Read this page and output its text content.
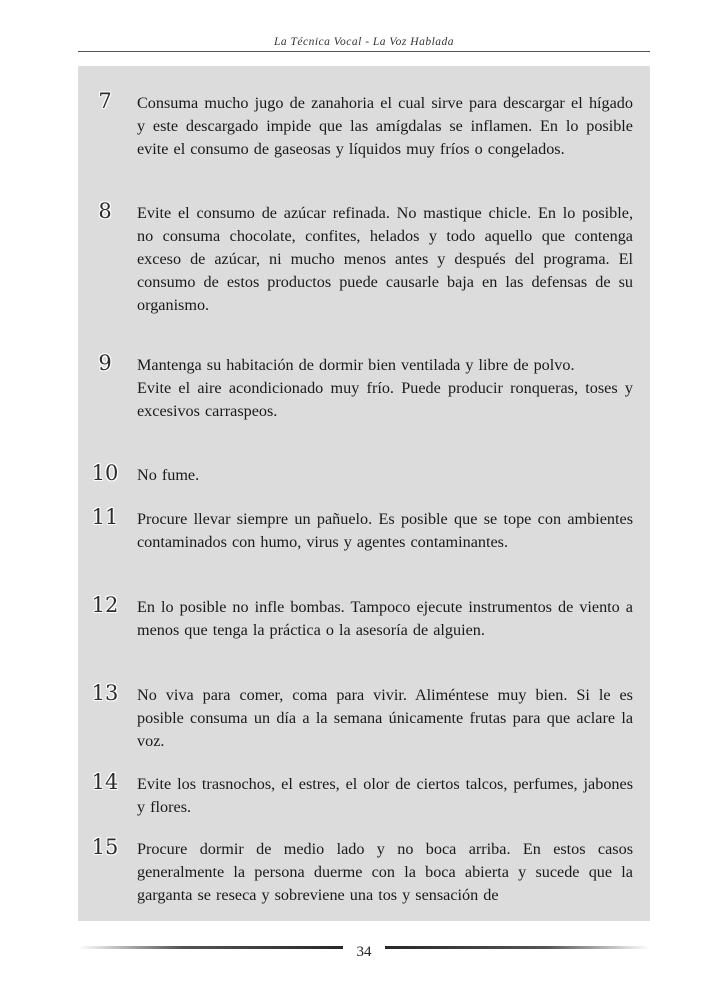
La Técnica Vocal - La Voz Hablada
7	Consuma mucho jugo de zanahoria el cual sirve para descargar el hígado y este descargado impide que las amígdalas se inflamen. En lo posible evite el consumo de gaseosas y líquidos muy fríos o congelados.

8	Evite el consumo de azúcar refinada. No mastique chicle. En lo posible, no consuma chocolate, confites, helados y todo aquello que contenga exceso de azúcar, ni mucho menos antes y después del programa. El consumo de estos productos puede causarle baja en las defensas de su organismo.

9	Mantenga su habitación de dormir bien ventilada y libre de polvo.

Evite el aire acondicionado muy frío. Puede producir ronqueras, toses y excesivos carraspeos.

10	No fume.

11	Procure llevar siempre un pañuelo. Es posible que se tope con ambientes contaminados con humo, virus y agentes contaminantes.

12	En lo posible no infle bombas. Tampoco ejecute instrumentos de viento a menos que tenga la práctica o la asesoría de alguien.

13	No viva para comer, coma para vivir. Aliméntese muy bien. Si le es posible consuma un día a la semana únicamente frutas para que aclare la voz.

14	Evite los trasnochos, el estres, el olor de ciertos talcos, perfumes, jabones y flores.

15	Procure dormir de medio lado y no boca arriba. En estos casos generalmente la persona duerme con la boca abierta y sucede que la garganta se reseca y sobreviene una tos y sensación de

34
